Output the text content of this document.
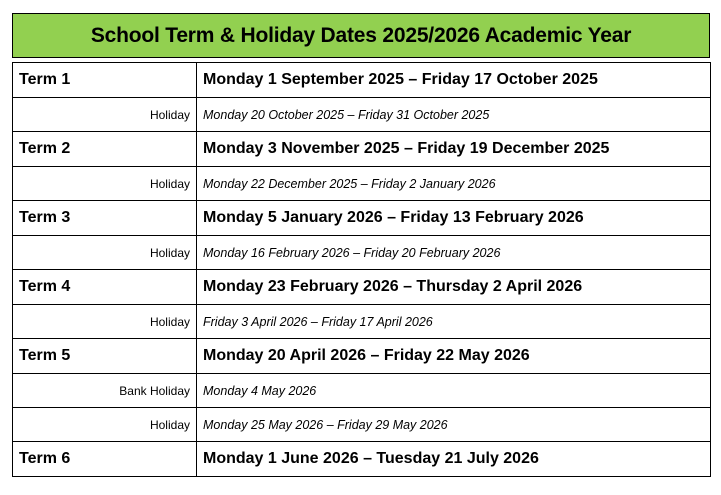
School Term & Holiday Dates 2025/2026 Academic Year
Term 1	Monday 1 September 2025 – Friday 17 October 2025
Holiday	Monday 20 October 2025 – Friday 31 October 2025
Term 2	Monday 3 November 2025 – Friday 19 December 2025
Holiday	Monday 22 December 2025 – Friday 2 January 2026
Term 3	Monday 5 January 2026 – Friday 13 February 2026
Holiday	Monday 16 February 2026 – Friday 20 February 2026
Term 4	Monday 23 February 2026 – Thursday 2 April 2026
Holiday	Friday 3 April 2026 – Friday 17 April 2026
Term 5	Monday 20 April 2026 – Friday 22 May 2026
Bank Holiday	Monday 4 May 2026
Holiday	Monday 25 May 2026 – Friday 29 May 2026
Term 6	Monday 1 June 2026 – Tuesday 21 July 2026
